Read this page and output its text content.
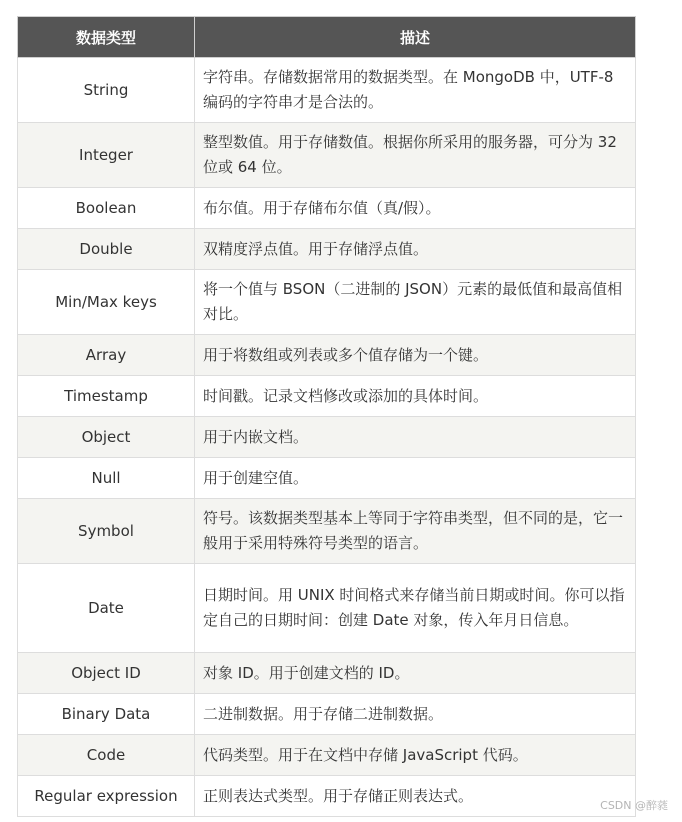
数据类型	描述
String	字符串。存储数据常用的数据类型。在 MongoDB 中，UTF-8 编码的字符串才是合法的。
Integer	整型数值。用于存储数值。根据你所采用的服务器，可分为 32 位或 64 位。
Boolean	布尔值。用于存储布尔值（真/假）。
Double	双精度浮点值。用于存储浮点值。
Min/Max keys	将一个值与 BSON（二进制的 JSON）元素的最低值和最高值相对比。
Array	用于将数组或列表或多个值存储为一个键。
Timestamp	时间戳。记录文档修改或添加的具体时间。
Object	用于内嵌文档。
Null	用于创建空值。
Symbol	符号。该数据类型基本上等同于字符串类型，但不同的是，它一般用于采用特殊符号类型的语言。
Date	日期时间。用 UNIX 时间格式来存储当前日期或时间。你可以指定自己的日期时间：创建 Date 对象，传入年月日信息。
Object ID	对象 ID。用于创建文档的 ID。
Binary Data	二进制数据。用于存储二进制数据。
Code	代码类型。用于在文档中存储 JavaScript 代码。
Regular expression	正则表达式类型。用于存储正则表达式。
CSDN @醉蕤
